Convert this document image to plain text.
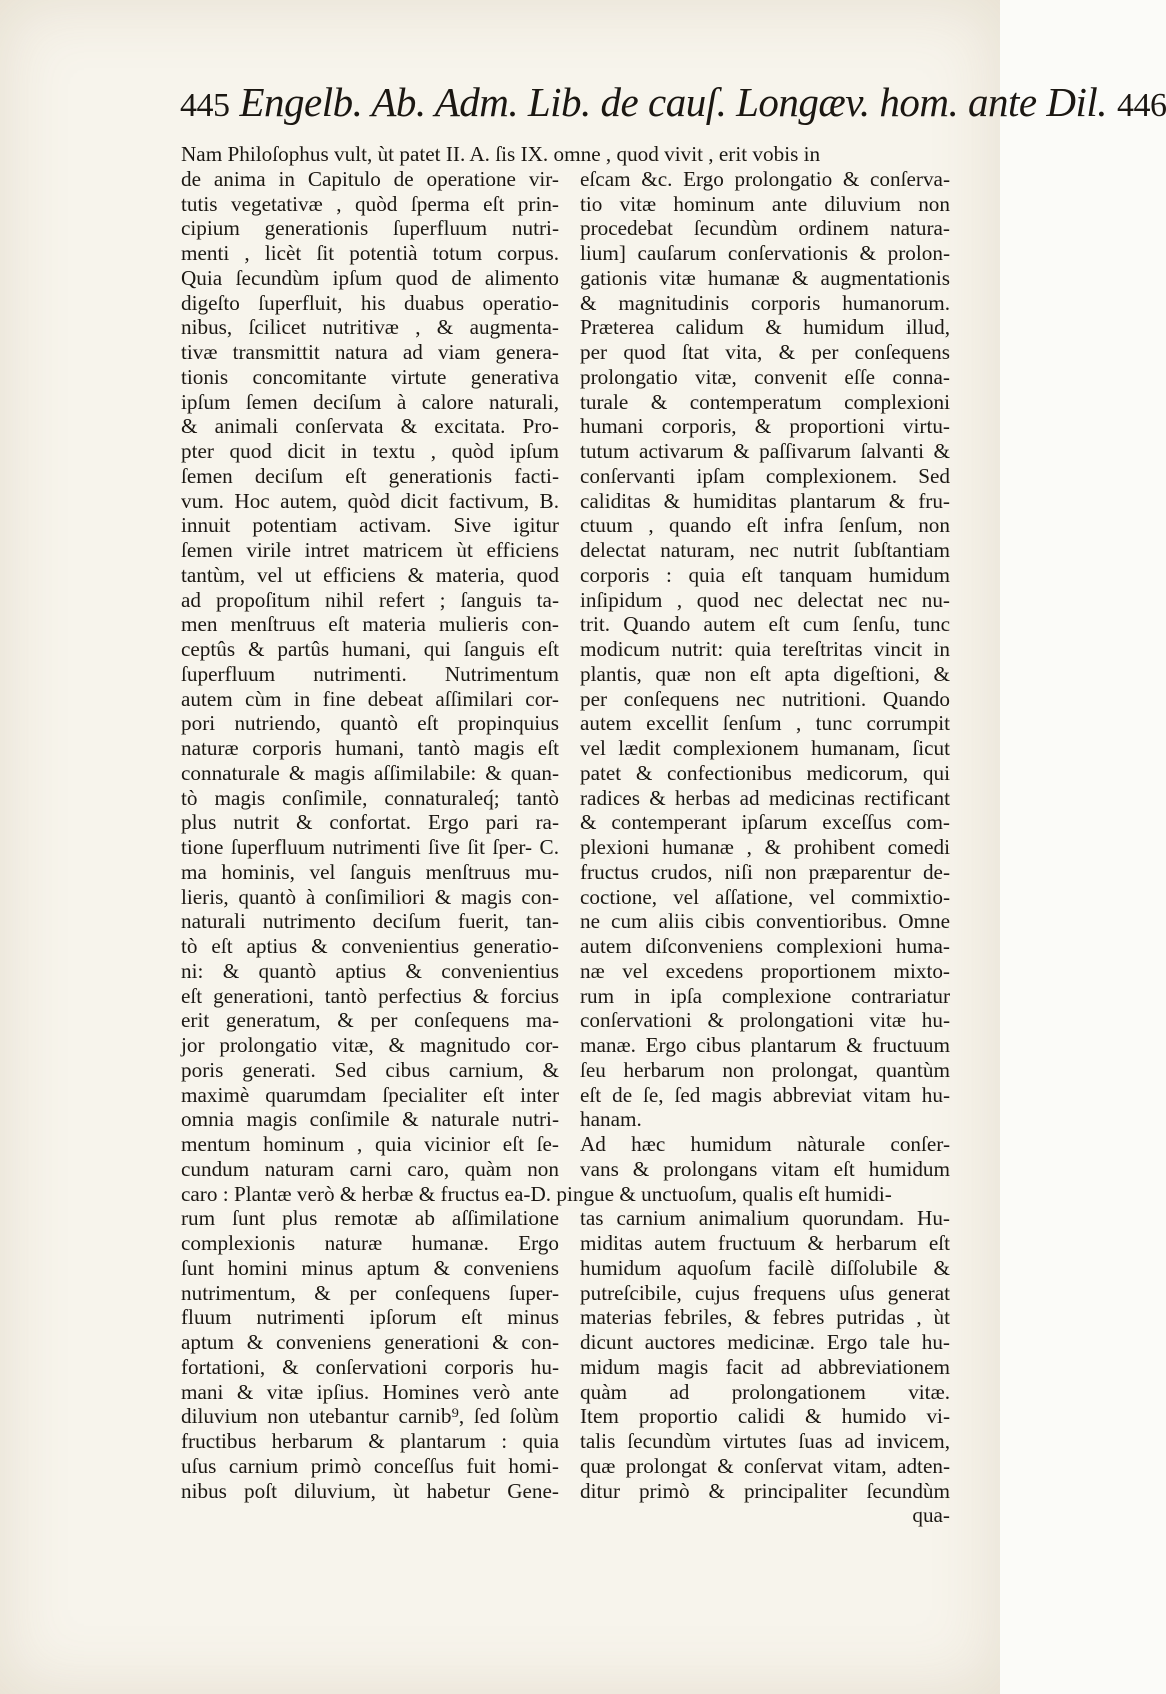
445 Engelb. Ab. Adm. Lib. de cauſ. Longæv. hom. ante Dil. 446
Nam Philoſophus vult, ùt patet II. A. ſis IX. omne , quod vivit , erit vobis in
de anima in Capitulo de operatione vir-
tutis vegetativæ , quòd ſperma eſt prin-
cipium generationis ſuperfluum nutri-
menti , licèt ſit potentià totum corpus.
Quia ſecundùm ipſum quod de alimento
digeſto ſuperfluit, his duabus operatio-
nibus, ſcilicet nutritivæ , & augmenta-
tivæ transmittit natura ad viam genera-
tionis concomitante virtute generativa
ipſum ſemen deciſum à calore naturali,
& animali conſervata & excitata. Pro-
pter quod dicit in textu , quòd ipſum
ſemen deciſum eſt generationis facti-
vum. Hoc autem, quòd dicit factivum, B.
innuit potentiam activam. Sive igitur
ſemen virile intret matricem ùt efficiens
tantùm, vel ut efficiens & materia, quod
ad propoſitum nihil refert ; ſanguis ta-
men menſtruus eſt materia mulieris con-
ceptûs & partûs humani, qui ſanguis eſt
ſuperfluum nutrimenti. Nutrimentum
autem cùm in fine debeat aſſimilari cor-
pori nutriendo, quantò eſt propinquius
naturæ corporis humani, tantò magis eſt
connaturale & magis aſſimilabile: & quan-
tò magis conſimile, connaturaleq́; tantò
plus nutrit & confortat. Ergo pari ra-
tione ſuperfluum nutrimenti ſive ſit ſper- C.
ma hominis, vel ſanguis menſtruus mu-
lieris, quantò à conſimiliori & magis con-
naturali nutrimento deciſum fuerit, tan-
tò eſt aptius & convenientius generatio-
ni: & quantò aptius & convenientius
eſt generationi, tantò perfectius & forcius
erit generatum, & per conſequens ma-
jor prolongatio vitæ, & magnitudo cor-
poris generati. Sed cibus carnium, &
maximè quarumdam ſpecialiter eſt inter
omnia magis conſimile & naturale nutri-
mentum hominum , quia vicinior eſt ſe-
cundum naturam carni caro, quàm non
eſcam &c. Ergo prolongatio & conſerva-
tio vitæ hominum ante diluvium non
procedebat ſecundùm ordinem natura-
lium] cauſarum conſervationis & prolon-
gationis vitæ humanæ & augmentationis
& magnitudinis corporis humanorum.
Præterea calidum & humidum illud,
per quod ſtat vita, & per conſequens
prolongatio vitæ, convenit eſſe conna-
turale & contemperatum complexioni
humani corporis, & proportioni virtu-
tutum activarum & paſſivarum ſalvanti &
conſervanti ipſam complexionem. Sed
caliditas & humiditas plantarum & fru-
ctuum , quando eſt infra ſenſum, non
delectat naturam, nec nutrit ſubſtantiam
corporis : quia eſt tanquam humidum
inſipidum , quod nec delectat nec nu-
trit. Quando autem eſt cum ſenſu, tunc
modicum nutrit: quia tereſtritas vincit in
plantis, quæ non eſt apta digeſtioni, &
per conſequens nec nutritioni. Quando
autem excellit ſenſum , tunc corrumpit
vel lædit complexionem humanam, ſicut
patet & confectionibus medicorum, qui
radices & herbas ad medicinas rectificant
& contemperant ipſarum exceſſus com-
plexioni humanæ , & prohibent comedi
fructus crudos, niſi non præparentur de-
coctione, vel aſſatione, vel commixtio-
ne cum aliis cibis conventioribus. Omne
autem diſconveniens complexioni huma-
næ vel excedens proportionem mixto-
rum in ipſa complexione contrariatur
conſervationi & prolongationi vitæ hu-
manæ. Ergo cibus plantarum & fructuum
ſeu herbarum non prolongat, quantùm
eſt de ſe, ſed magis abbreviat vitam hu-
hanam.
Ad hæc humidum nàturale conſer-
vans & prolongans vitam eſt humidum
caro : Plantæ verò & herbæ & fructus ea-D. pingue & unctuoſum, qualis eſt humidi-
rum ſunt plus remotæ ab aſſimilatione
complexionis naturæ humanæ. Ergo
ſunt homini minus aptum & conveniens
nutrimentum, & per conſequens ſuper-
fluum nutrimenti ipſorum eſt minus
aptum & conveniens generationi & con-
fortationi, & conſervationi corporis hu-
mani & vitæ ipſius. Homines verò ante
diluvium non utebantur carnib⁹, ſed ſolùm
fructibus herbarum & plantarum : quia
uſus carnium primò conceſſus fuit homi-
nibus poſt diluvium, ùt habetur Gene-
tas carnium animalium quorundam. Hu-
miditas autem fructuum & herbarum eſt
humidum aquoſum facilè diſſolubile &
putreſcibile, cujus frequens uſus generat
materias febriles, & febres putridas , ùt
dicunt auctores medicinæ. Ergo tale hu-
midum magis facit ad abbreviationem
quàm ad prolongationem vitæ.
Item proportio calidi & humido vi-
talis ſecundùm virtutes ſuas ad invicem,
quæ prolongat & conſervat vitam, adten-
ditur primò & principaliter ſecundùm
qua-
